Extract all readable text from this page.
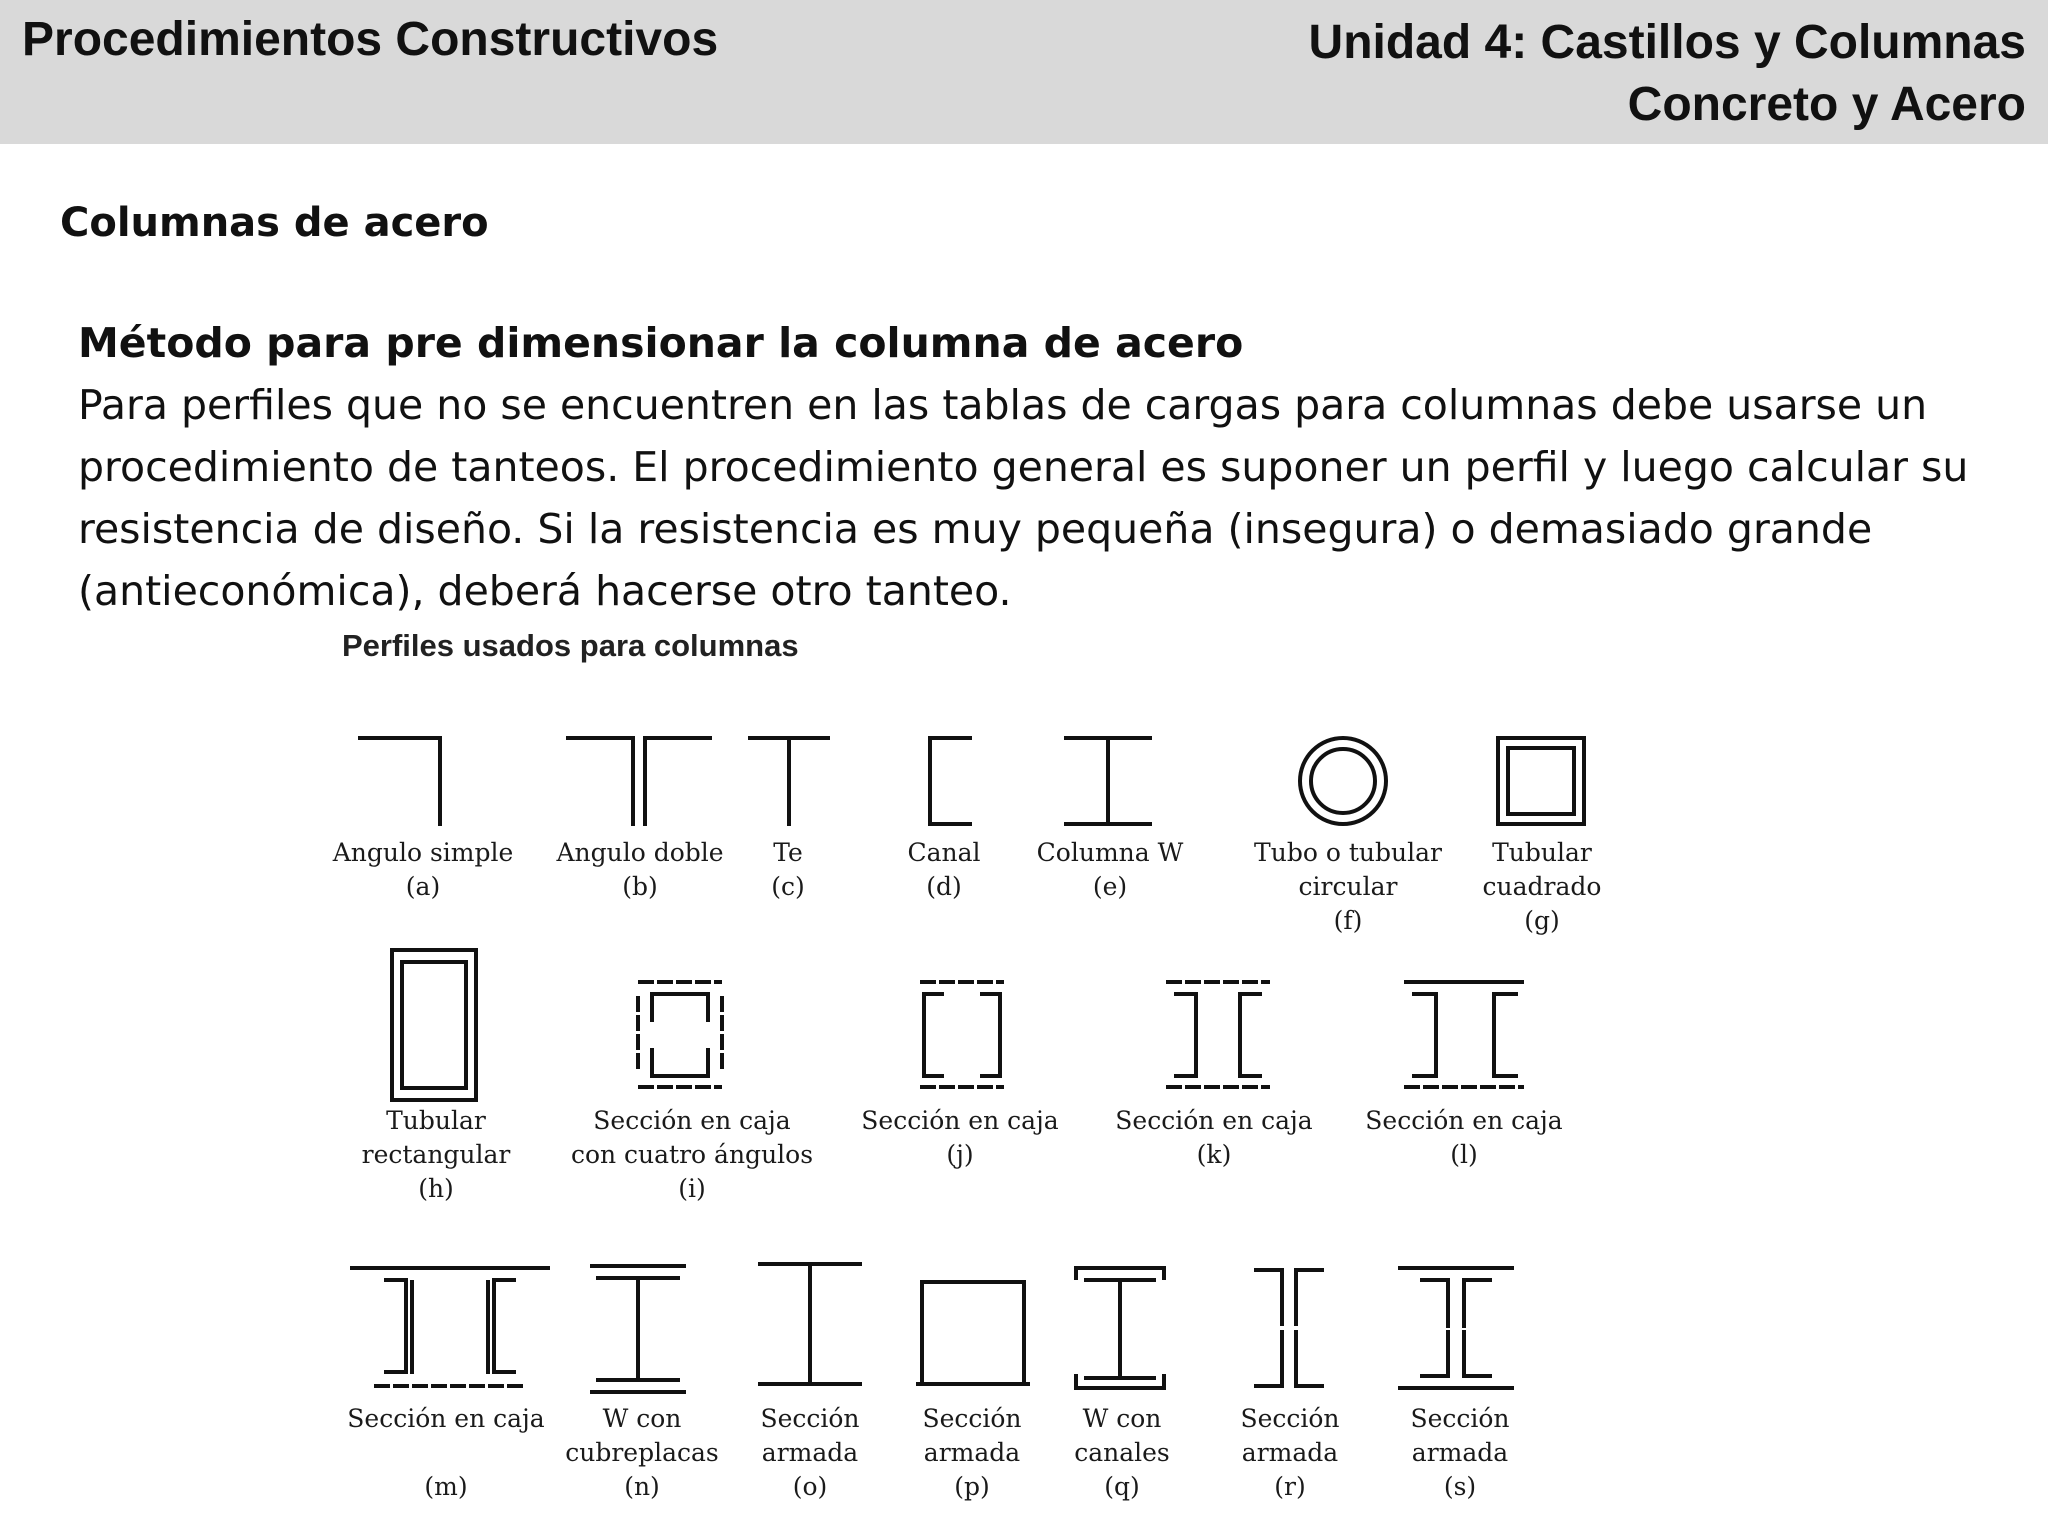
Procedimientos Constructivos	Unidad 4: Castillos y Columnas
Concreto y Acero
Columnas de acero
Método para pre dimensionar la columna de acero
Para perfiles que no se encuentren en las tablas de cargas para columnas debe usarse un procedimiento de tanteos. El procedimiento general es suponer un perfil y luego calcular su resistencia de diseño. Si la resistencia es muy pequeña (insegura) o demasiado grande (antieconómica), deberá hacerse otro tanteo.
Perfiles usados para columnas
Angulo simple
(a)
Angulo doble
(b)
Te
(c)
Canal
(d)
Columna W
(e)
Tubo o tubular
circular
(f)
Tubular
cuadrado
(g)
Tubular
rectangular
(h)
Sección en caja
con cuatro ángulos
(i)
Sección en caja
(j)
Sección en caja
(k)
Sección en caja
(l)
Sección en caja

(m)
W con
cubreplacas
(n)
Sección
armada
(o)
Sección
armada
(p)
W con
canales
(q)
Sección
armada
(r)
Sección
armada
(s)
